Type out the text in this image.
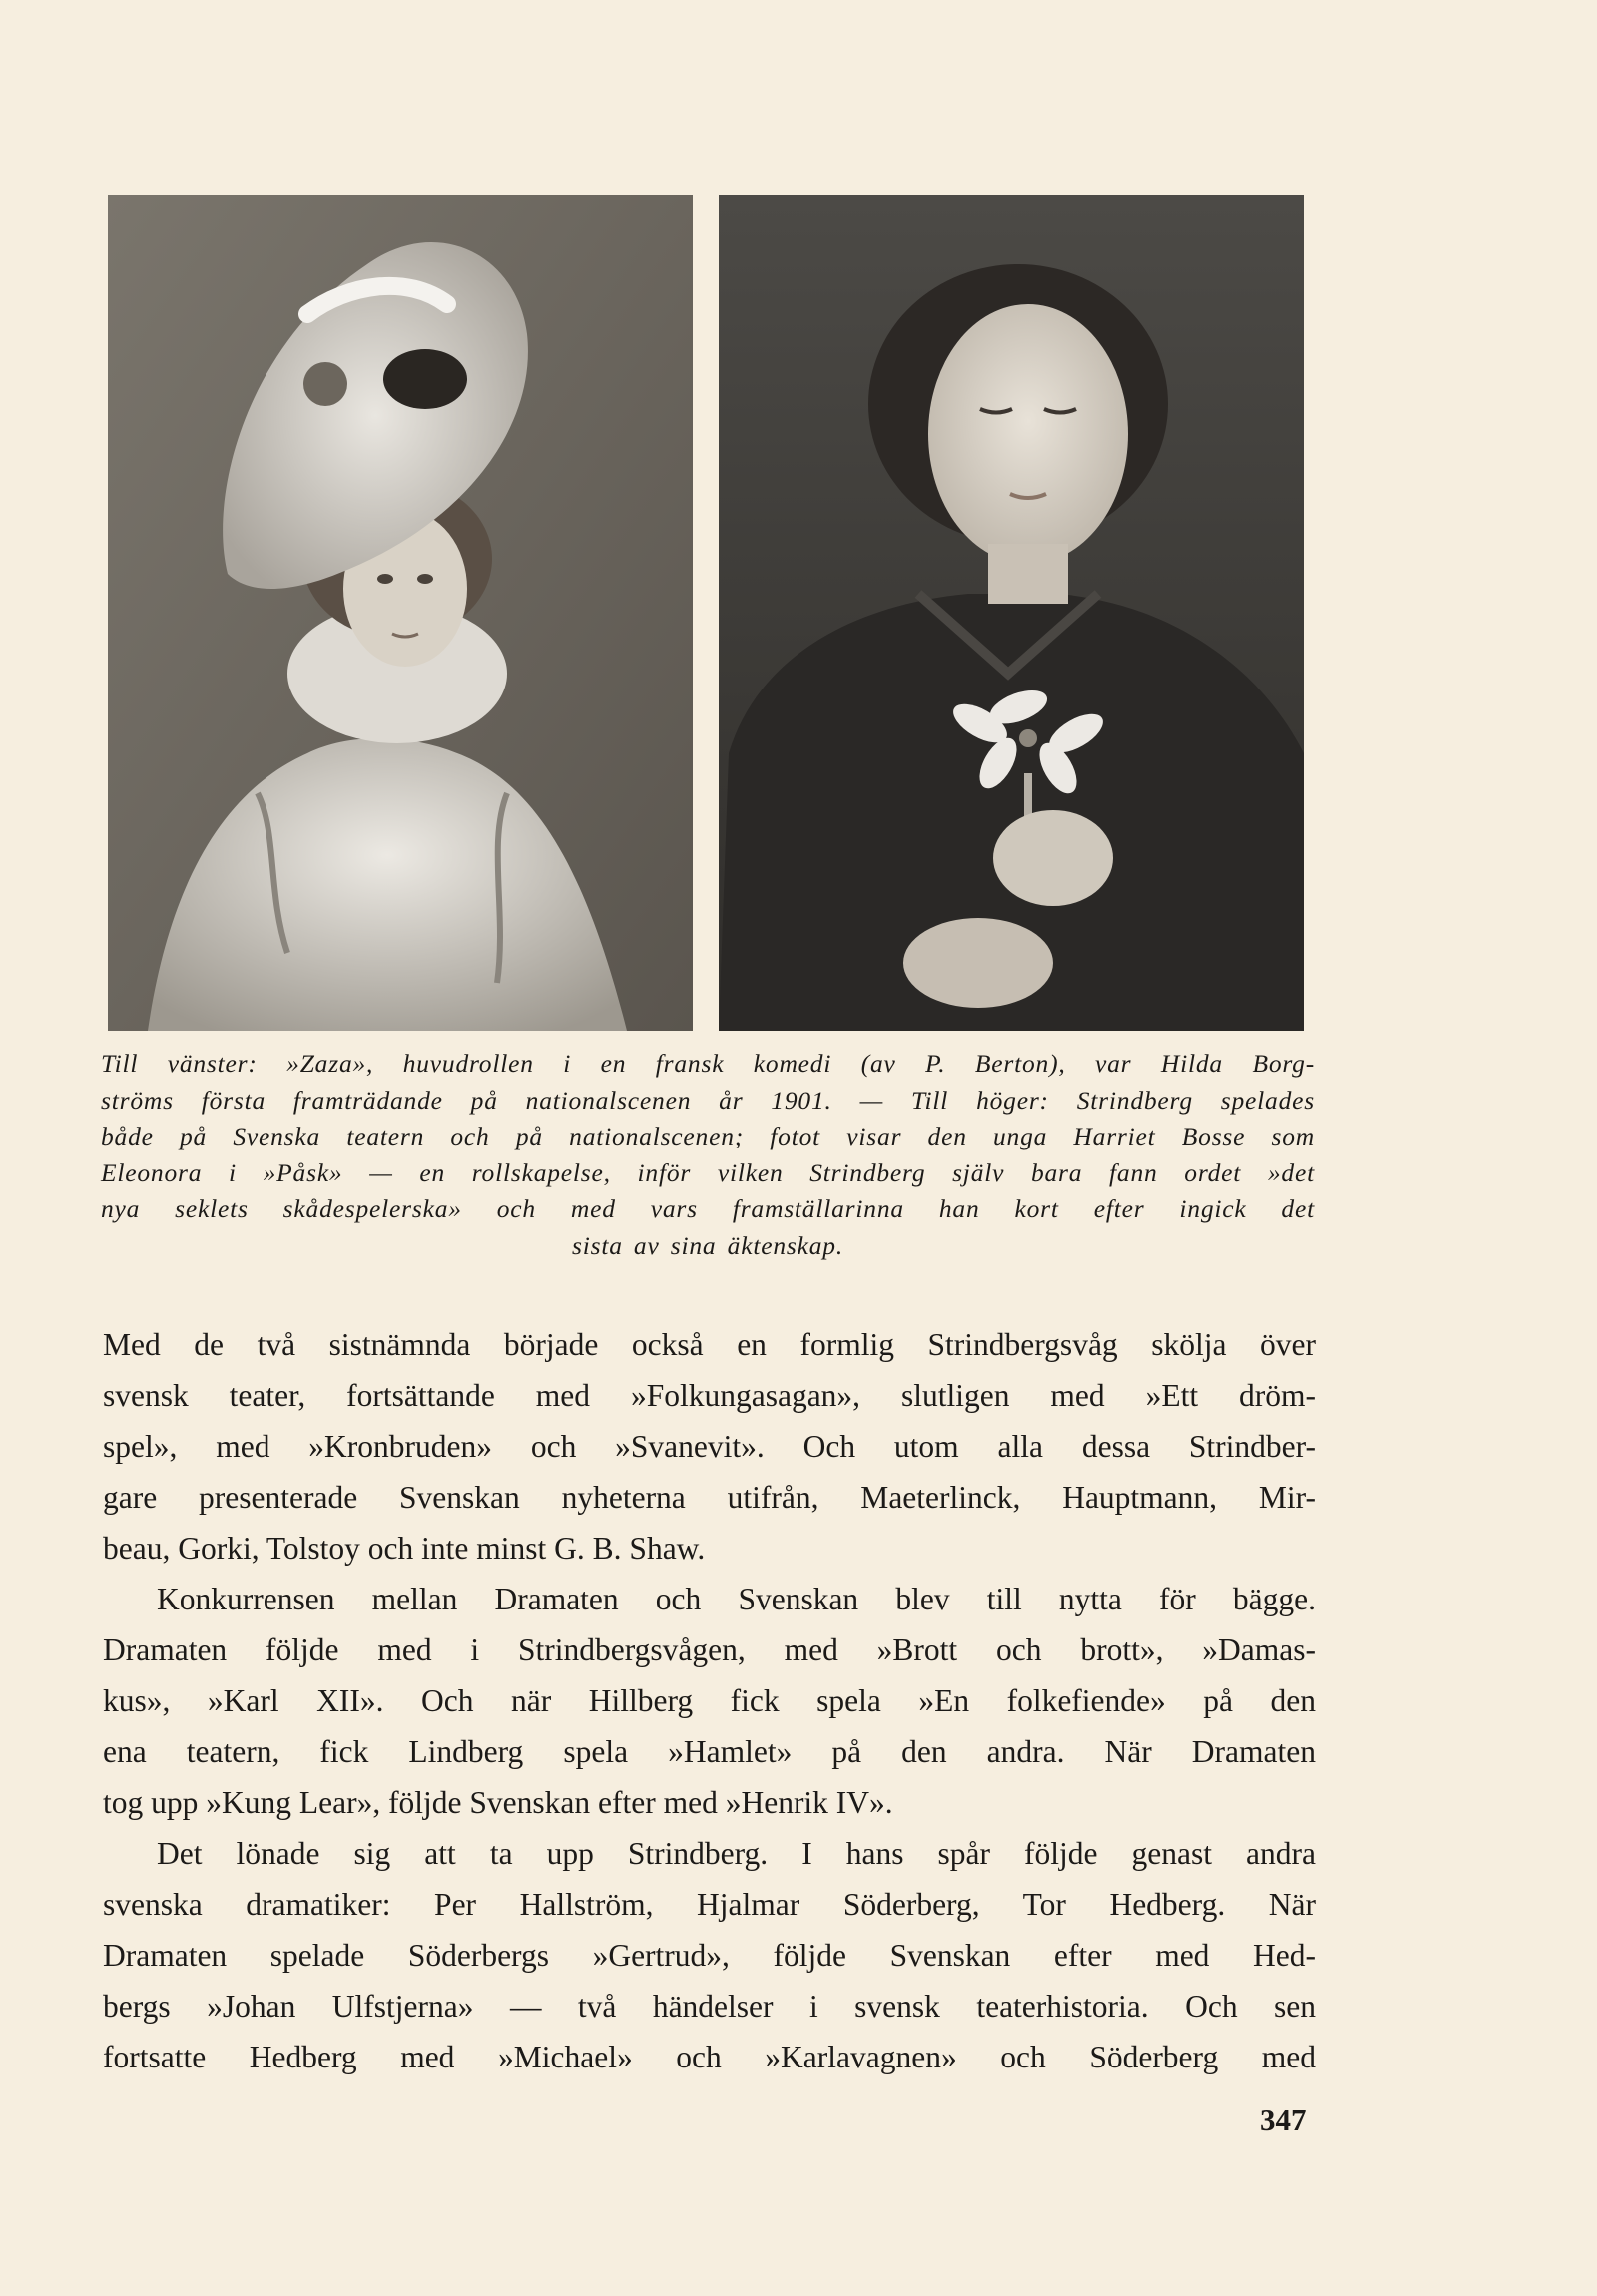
Till vänster: »Zaza», huvudrollen i en fransk komedi (av P. Berton), var Hilda Borg-
ströms första framträdande på nationalscenen år 1901. — Till höger: Strindberg spelades
både på Svenska teatern och på nationalscenen; fotot visar den unga Harriet Bosse som
Eleonora i »Påsk» — en rollskapelse, inför vilken Strindberg själv bara fann ordet »det
nya seklets skådespelerska» och med vars framställarinna han kort efter ingick det
sista av sina äktenskap.
Med de två sistnämnda började också en formlig Strindbergsvåg skölja över
svensk teater, fortsättande med »Folkungasagan», slutligen med »Ett dröm-
spel», med »Kronbruden» och »Svanevit». Och utom alla dessa Strindber-
gare presenterade Svenskan nyheterna utifrån, Maeterlinck, Hauptmann, Mir-
beau, Gorki, Tolstoy och inte minst G. B. Shaw.
Konkurrensen mellan Dramaten och Svenskan blev till nytta för bägge.
Dramaten följde med i Strindbergsvågen, med »Brott och brott», »Damas-
kus», »Karl XII». Och när Hillberg fick spela »En folkefiende» på den
ena teatern, fick Lindberg spela »Hamlet» på den andra. När Dramaten
tog upp »Kung Lear», följde Svenskan efter med »Henrik IV».
Det lönade sig att ta upp Strindberg. I hans spår följde genast andra
svenska dramatiker: Per Hallström, Hjalmar Söderberg, Tor Hedberg. När
Dramaten spelade Söderbergs »Gertrud», följde Svenskan efter med Hed-
bergs »Johan Ulfstjerna» — två händelser i svensk teaterhistoria. Och sen
fortsatte Hedberg med »Michael» och »Karlavagnen» och Söderberg med
347
